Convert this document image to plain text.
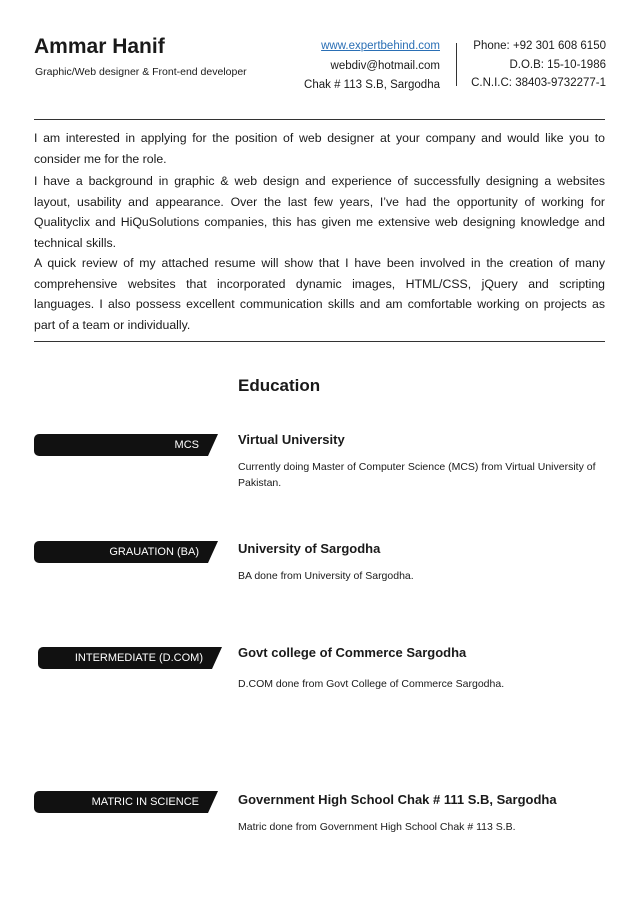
Ammar Hanif
Graphic/Web designer & Front-end developer
www.expertbehind.com
webdiv@hotmail.com
Chak # 113 S.B, Sargodha
Phone: +92 301 608 6150
D.O.B: 15-10-1986
C.N.I.C: 38403-9732277-1

I am interested in applying for the position of web designer at your company and would like you to consider me for the role.

I have a background in graphic & web design and experience of successfully designing a websites layout, usability and appearance. Over the last few years, I’ve had the opportunity of working for Qualityclix and HiQuSolutions companies, this has given me extensive web designing knowledge and technical skills.

A quick review of my attached resume will show that I have been involved in the creation of many comprehensive websites that incorporated dynamic images, HTML/CSS, jQuery and scripting languages. I also possess excellent communication skills and am comfortable working on projects as part of a team or individually.

Education
MCS	Virtual University
Currently doing Master of Computer Science (MCS) from Virtual University of Pakistan.
GRAUATION (BA)	University of Sargodha
BA done from University of Sargodha.
INTERMEDIATE (D.COM)	Govt college of Commerce Sargodha
D.COM done from Govt College of Commerce Sargodha.
MATRIC IN SCIENCE	Government High School Chak # 111 S.B, Sargodha
Matric done from Government High School Chak # 113 S.B.
